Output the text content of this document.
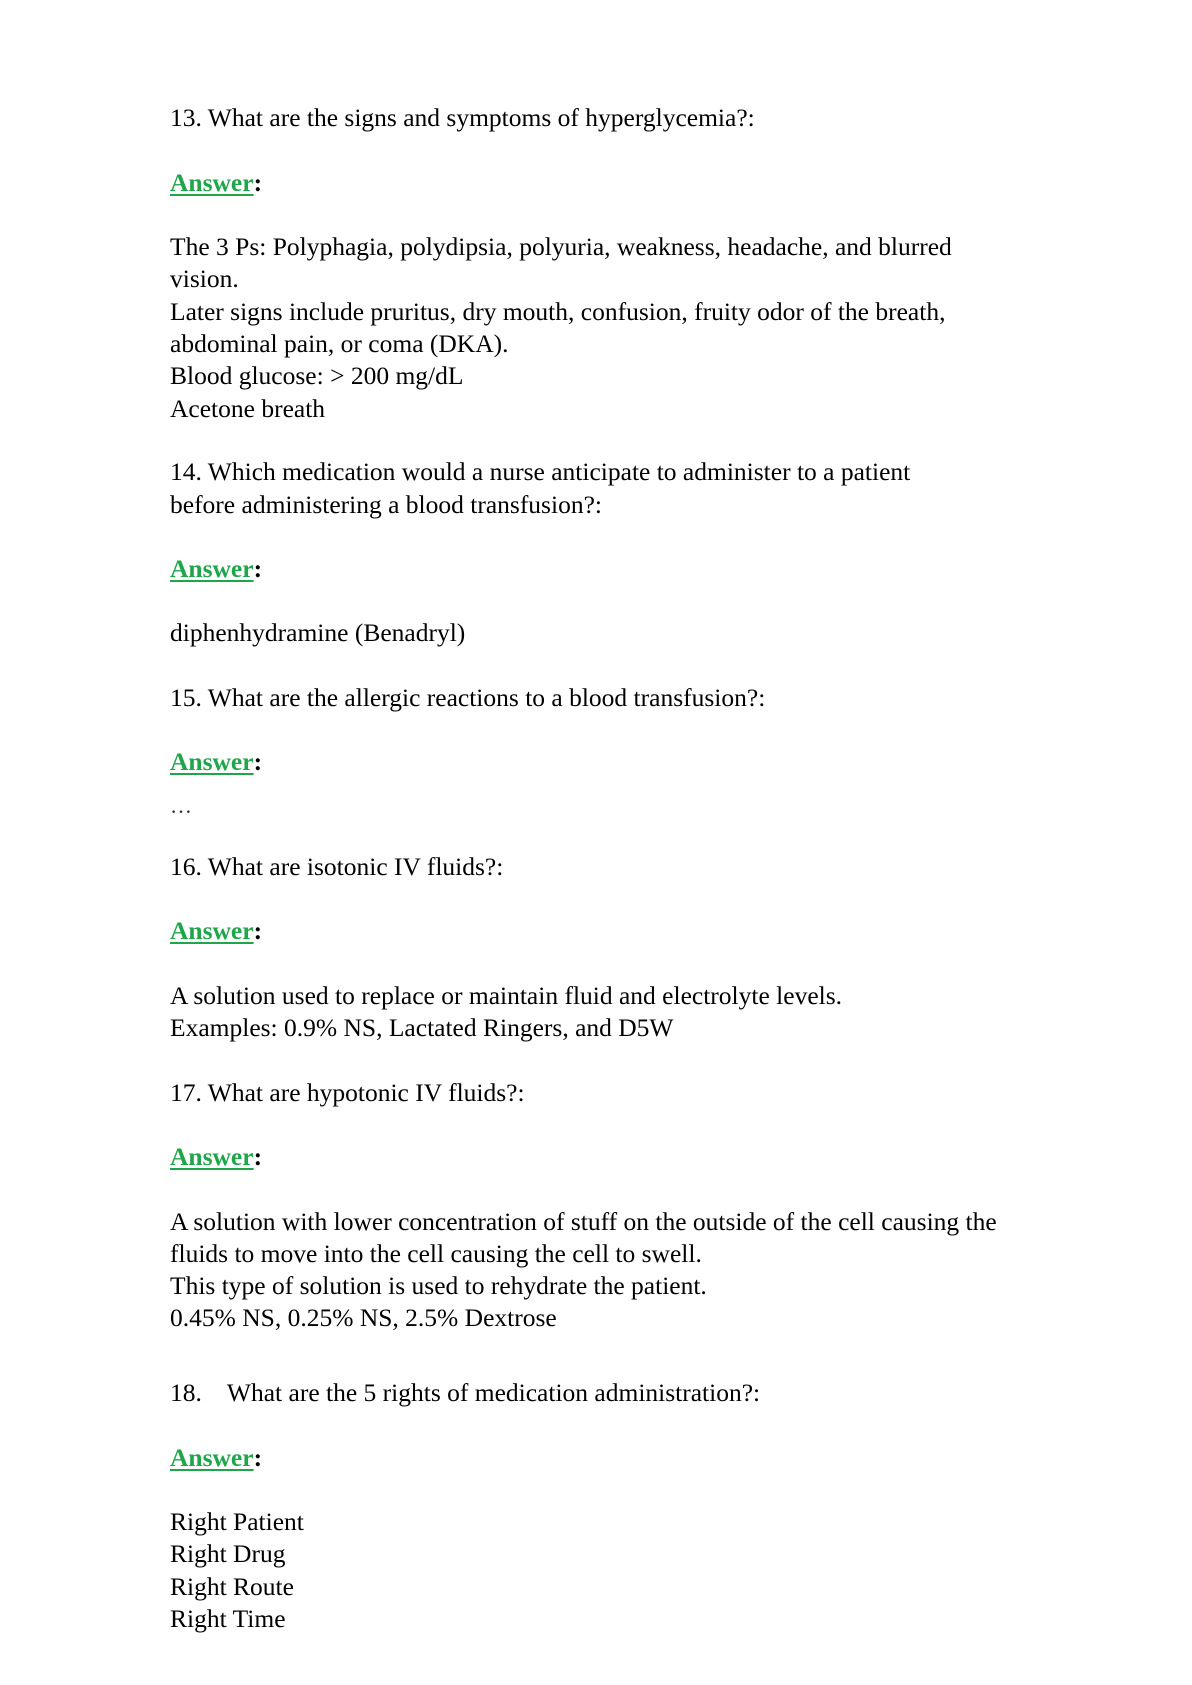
13. What are the signs and symptoms of hyperglycemia?:

Answer:

The 3 Ps: Polyphagia, polydipsia, polyuria, weakness, headache, and blurred

vision.

Later signs include pruritus, dry mouth, confusion, fruity odor of the breath,

abdominal pain, or coma (DKA).

Blood glucose: > 200 mg/dL

Acetone breath

14. Which medication would a nurse anticipate to administer to a patient

before administering a blood transfusion?:

Answer:

diphenhydramine (Benadryl)

15. What are the allergic reactions to a blood transfusion?:

Answer:

…

16. What are isotonic IV fluids?:

Answer:

A solution used to replace or maintain fluid and electrolyte levels.

Examples: 0.9% NS, Lactated Ringers, and D5W

17. What are hypotonic IV fluids?:

Answer:

A solution with lower concentration of stuff on the outside of the cell causing the

fluids to move into the cell causing the cell to swell.

This type of solution is used to rehydrate the patient.

0.45% NS, 0.25% NS, 2.5% Dextrose

18.    What are the 5 rights of medication administration?:

Answer:

Right Patient

Right Drug

Right Route

Right Time
